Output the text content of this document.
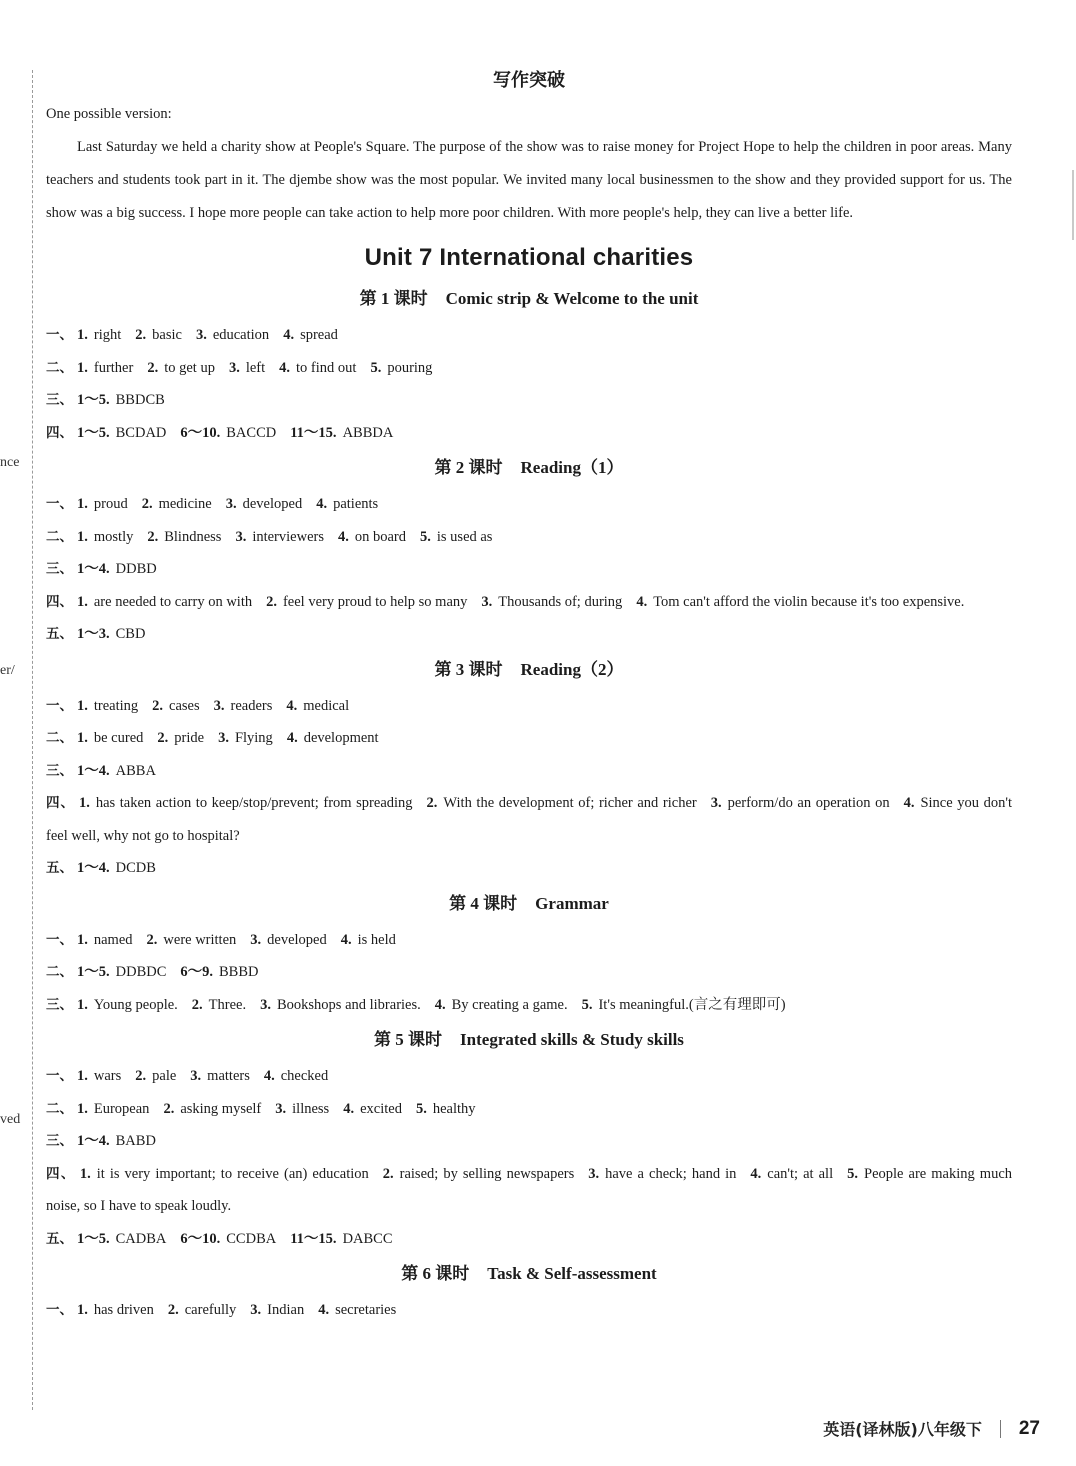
nce
er/
ved
写作突破

One possible version:

Last Saturday we held a charity show at People's Square. The purpose of the show was to raise money for Project Hope to help the children in poor areas. Many teachers and students took part in it. The djembe show was the most popular. We invited many local businessmen to the show and they provided support for us. The show was a big success. I hope more people can take action to help more poor children. With more people's help, they can live a better life.

Unit 7 International charities
第 1 课时 Comic strip & Welcome to the unit

一、 1. right 2. basic 3. education 4. spread

二、 1. further 2. to get up 3. left 4. to find out 5. pouring

三、 1～5. BBDCB

四、 1～5. BCDAD 6～10. BACCD 11～15. ABBDA

第 2 课时 Reading（1）

一、 1. proud 2. medicine 3. developed 4. patients

二、 1. mostly 2. Blindness 3. interviewers 4. on board 5. is used as

三、 1～4. DDBD

四、 1. are needed to carry on with 2. feel very proud to help so many 3. Thousands of; during 4. Tom can't afford the violin because it's too expensive.

五、 1～3. CBD

第 3 课时 Reading（2）

一、 1. treating 2. cases 3. readers 4. medical

二、 1. be cured 2. pride 3. Flying 4. development

三、 1～4. ABBA

四、 1. has taken action to keep/stop/prevent; from spreading 2. With the development of; richer and richer 3. perform/do an operation on 4. Since you don't feel well, why not go to hospital?

五、 1～4. DCDB

第 4 课时 Grammar

一、 1. named 2. were written 3. developed 4. is held

二、 1～5. DDBDC 6～9. BBBD

三、 1. Young people. 2. Three. 3. Bookshops and libraries. 4. By creating a game. 5. It's meaningful.(言之有理即可)

第 5 课时 Integrated skills & Study skills

一、 1. wars 2. pale 3. matters 4. checked

二、 1. European 2. asking myself 3. illness 4. excited 5. healthy

三、 1～4. BABD

四、 1. it is very important; to receive (an) education 2. raised; by selling newspapers 3. have a check; hand in 4. can't; at all 5. People are making much noise, so I have to speak loudly.

五、 1～5. CADBA 6～10. CCDBA 11～15. DABCC

第 6 课时 Task & Self-assessment

一、 1. has driven 2. carefully 3. Indian 4. secretaries

英语(译林版)八年级下 27
